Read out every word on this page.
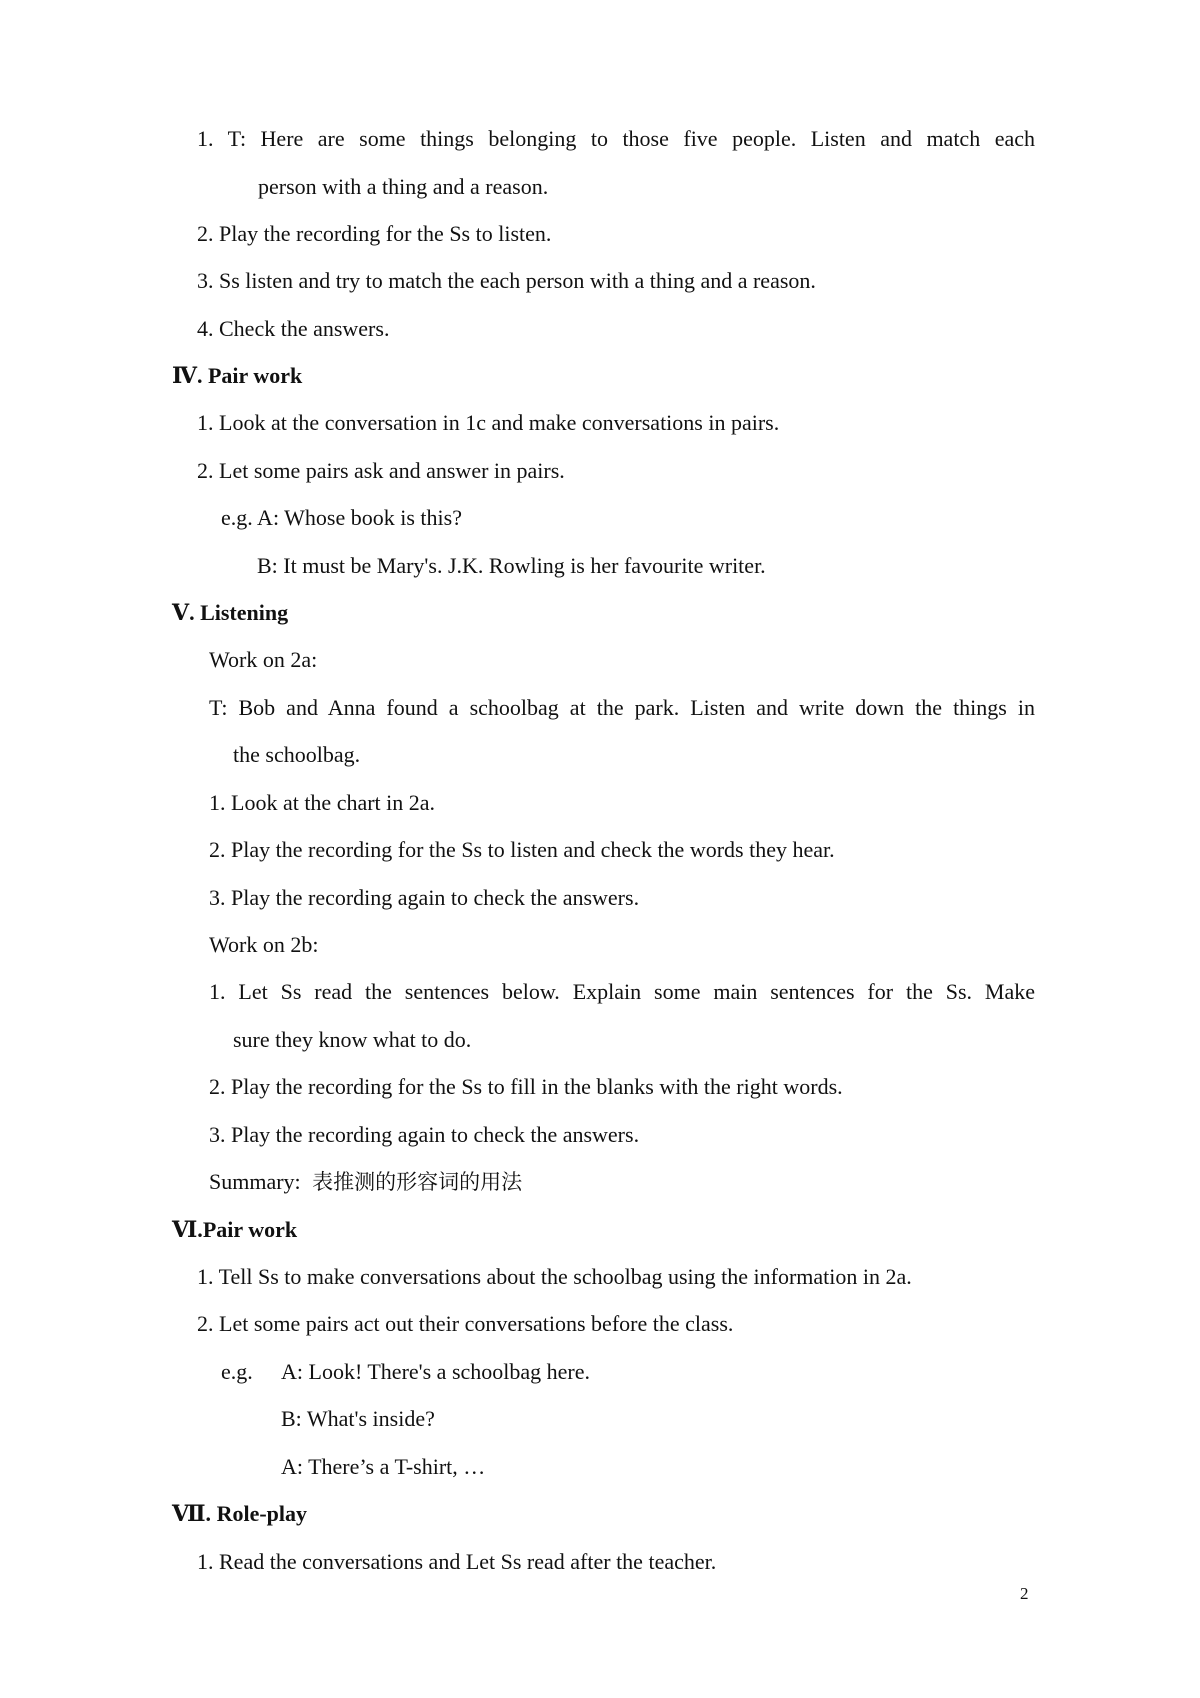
1. T: Here are some things belonging to those five people. Listen and match each
person with a thing and a reason.
2. Play the recording for the Ss to listen.
3. Ss listen and try to match the each person with a thing and a reason.
4. Check the answers.
Ⅳ. Pair work
1. Look at the conversation in 1c and make conversations in pairs.
2. Let some pairs ask and answer in pairs.
e.g. A: Whose book is this?
B: It must be Mary's. J.K. Rowling is her favourite writer.
Ⅴ. Listening
Work on 2a:
T: Bob and Anna found a schoolbag at the park. Listen and write down the things in
the schoolbag.
1. Look at the chart in 2a.
2. Play the recording for the Ss to listen and check the words they hear.
3. Play the recording again to check the answers.
Work on 2b:
1. Let Ss read the sentences below. Explain some main sentences for the Ss. Make
sure they know what to do.
2. Play the recording for the Ss to fill in the blanks with the right words.
3. Play the recording again to check the answers.
Summary: 表推测的形容词的用法
Ⅵ.Pair work
1. Tell Ss to make conversations about the schoolbag using the information in 2a.
2. Let some pairs act out their conversations before the class.
e.g. A: Look! There's a schoolbag here.
B: What's inside?
A: There’s a T-shirt, …
Ⅶ. Role-play
1. Read the conversations and Let Ss read after the teacher.
2
